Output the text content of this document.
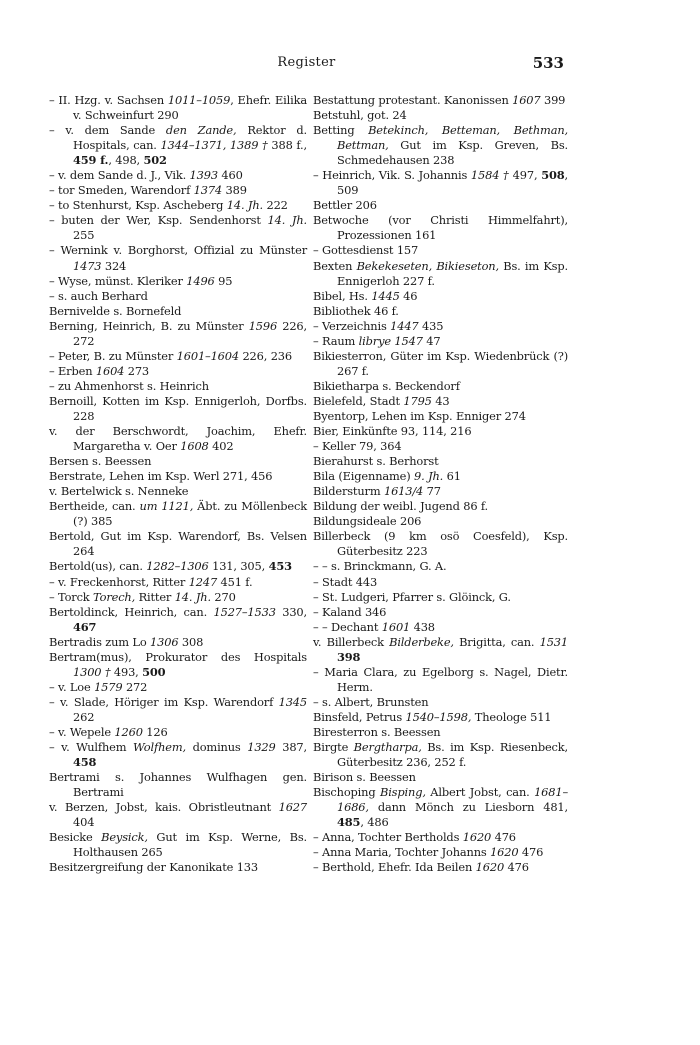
Register	533
– II. Hzg. v. Sachsen 1011–1059, Ehefr. Eilika v. Schweinfurt 290
– v. dem Sande den Zande, Rektor d. Hospitals, can. 1344–1371, 1389 † 388 f., 459 f., 498, 502
– v. dem Sande d. J., Vik. 1393 460
– tor Smeden, Warendorf 1374 389
– to Stenhurst, Ksp. Ascheberg 14. Jh. 222
– buten der Wer, Ksp. Sendenhorst 14. Jh. 255
– Wernink v. Borghorst, Offizial zu Münster 1473 324
– Wyse, münst. Kleriker 1496 95
– s. auch Berhard
Bernivelde s. Bornefeld
Berning, Heinrich, B. zu Münster 1596 226, 272
– Peter, B. zu Münster 1601–1604 226, 236
– Erben 1604 273
– zu Ahmenhorst s. Heinrich
Bernoill, Kotten im Ksp. Ennigerloh, Dorfbs. 228
v. der Berschwordt, Joachim, Ehefr. Margaretha v. Oer 1608 402
Bersen s. Beessen
Berstrate, Lehen im Ksp. Werl 271, 456
v. Bertelwick s. Nenneke
Bertheide, can. um 1121, Äbt. zu Möllenbeck (?) 385
Bertold, Gut im Ksp. Warendorf, Bs. Velsen 264
Bertold(us), can. 1282–1306 131, 305, 453
– v. Freckenhorst, Ritter 1247 451 f.
– Torck Torech, Ritter 14. Jh. 270
Bertoldinck, Heinrich, can. 1527–1533 330, 467
Bertradis zum Lo 1306 308
Bertram(mus), Prokurator des Hospitals 1300 † 493, 500
– v. Loe 1579 272
– v. Slade, Höriger im Ksp. Warendorf 1345 262
– v. Wepele 1260 126
– v. Wulfhem Wolfhem, dominus 1329 387, 458
Bertrami s. Johannes Wulfhagen gen. Bertrami
v. Berzen, Jobst, kais. Obristleutnant 1627 404
Besicke Beysick, Gut im Ksp. Werne, Bs. Holthausen 265
Besitzergreifung der Kanonikate 133
Bestattung protestant. Kanonissen 1607 399
Betstuhl, got. 24
Betting Betekinch, Betteman, Bethman, Bettman, Gut im Ksp. Greven, Bs. Schmedehausen 238
– Heinrich, Vik. S. Johannis 1584 † 497, 508, 509
Bettler 206
Betwoche (vor Christi Himmelfahrt), Prozessionen 161
– Gottesdienst 157
Bexten Bekekeseten, Bikieseton, Bs. im Ksp. Ennigerloh 227 f.
Bibel, Hs. 1445 46
Bibliothek 46 f.
– Verzeichnis 1447 435
– Raum librye 1547 47
Bikiesterron, Güter im Ksp. Wiedenbrück (?) 267 f.
Bikietharpa s. Beckendorf
Bielefeld, Stadt 1795 43
Byentorp, Lehen im Ksp. Enniger 274
Bier, Einkünfte 93, 114, 216
– Keller 79, 364
Bierahurst s. Berhorst
Bila (Eigenname) 9. Jh. 61
Bildersturm 1613/4 77
Bildung der weibl. Jugend 86 f.
Bildungsideale 206
Billerbeck (9 km osö Coesfeld), Ksp. Güterbesitz 223
– – s. Brinckmann, G. A.
– Stadt 443
– St. Ludgeri, Pfarrer s. Glöinck, G.
– Kaland 346
– – Dechant 1601 438
v. Billerbeck Bilderbeke, Brigitta, can. 1531 398
– Maria Clara, zu Egelborg s. Nagel, Dietr. Herm.
– s. Albert, Brunsten
Binsfeld, Petrus 1540–1598, Theologe 511
Biresterron s. Beessen
Birgte Bergtharpa, Bs. im Ksp. Riesenbeck, Güterbesitz 236, 252 f.
Birison s. Beessen
Bischoping Bisping, Albert Jobst, can. 1681–1686, dann Mönch zu Liesborn 481, 485, 486
– Anna, Tochter Bertholds 1620 476
– Anna Maria, Tochter Johanns 1620 476
– Berthold, Ehefr. Ida Beilen 1620 476
